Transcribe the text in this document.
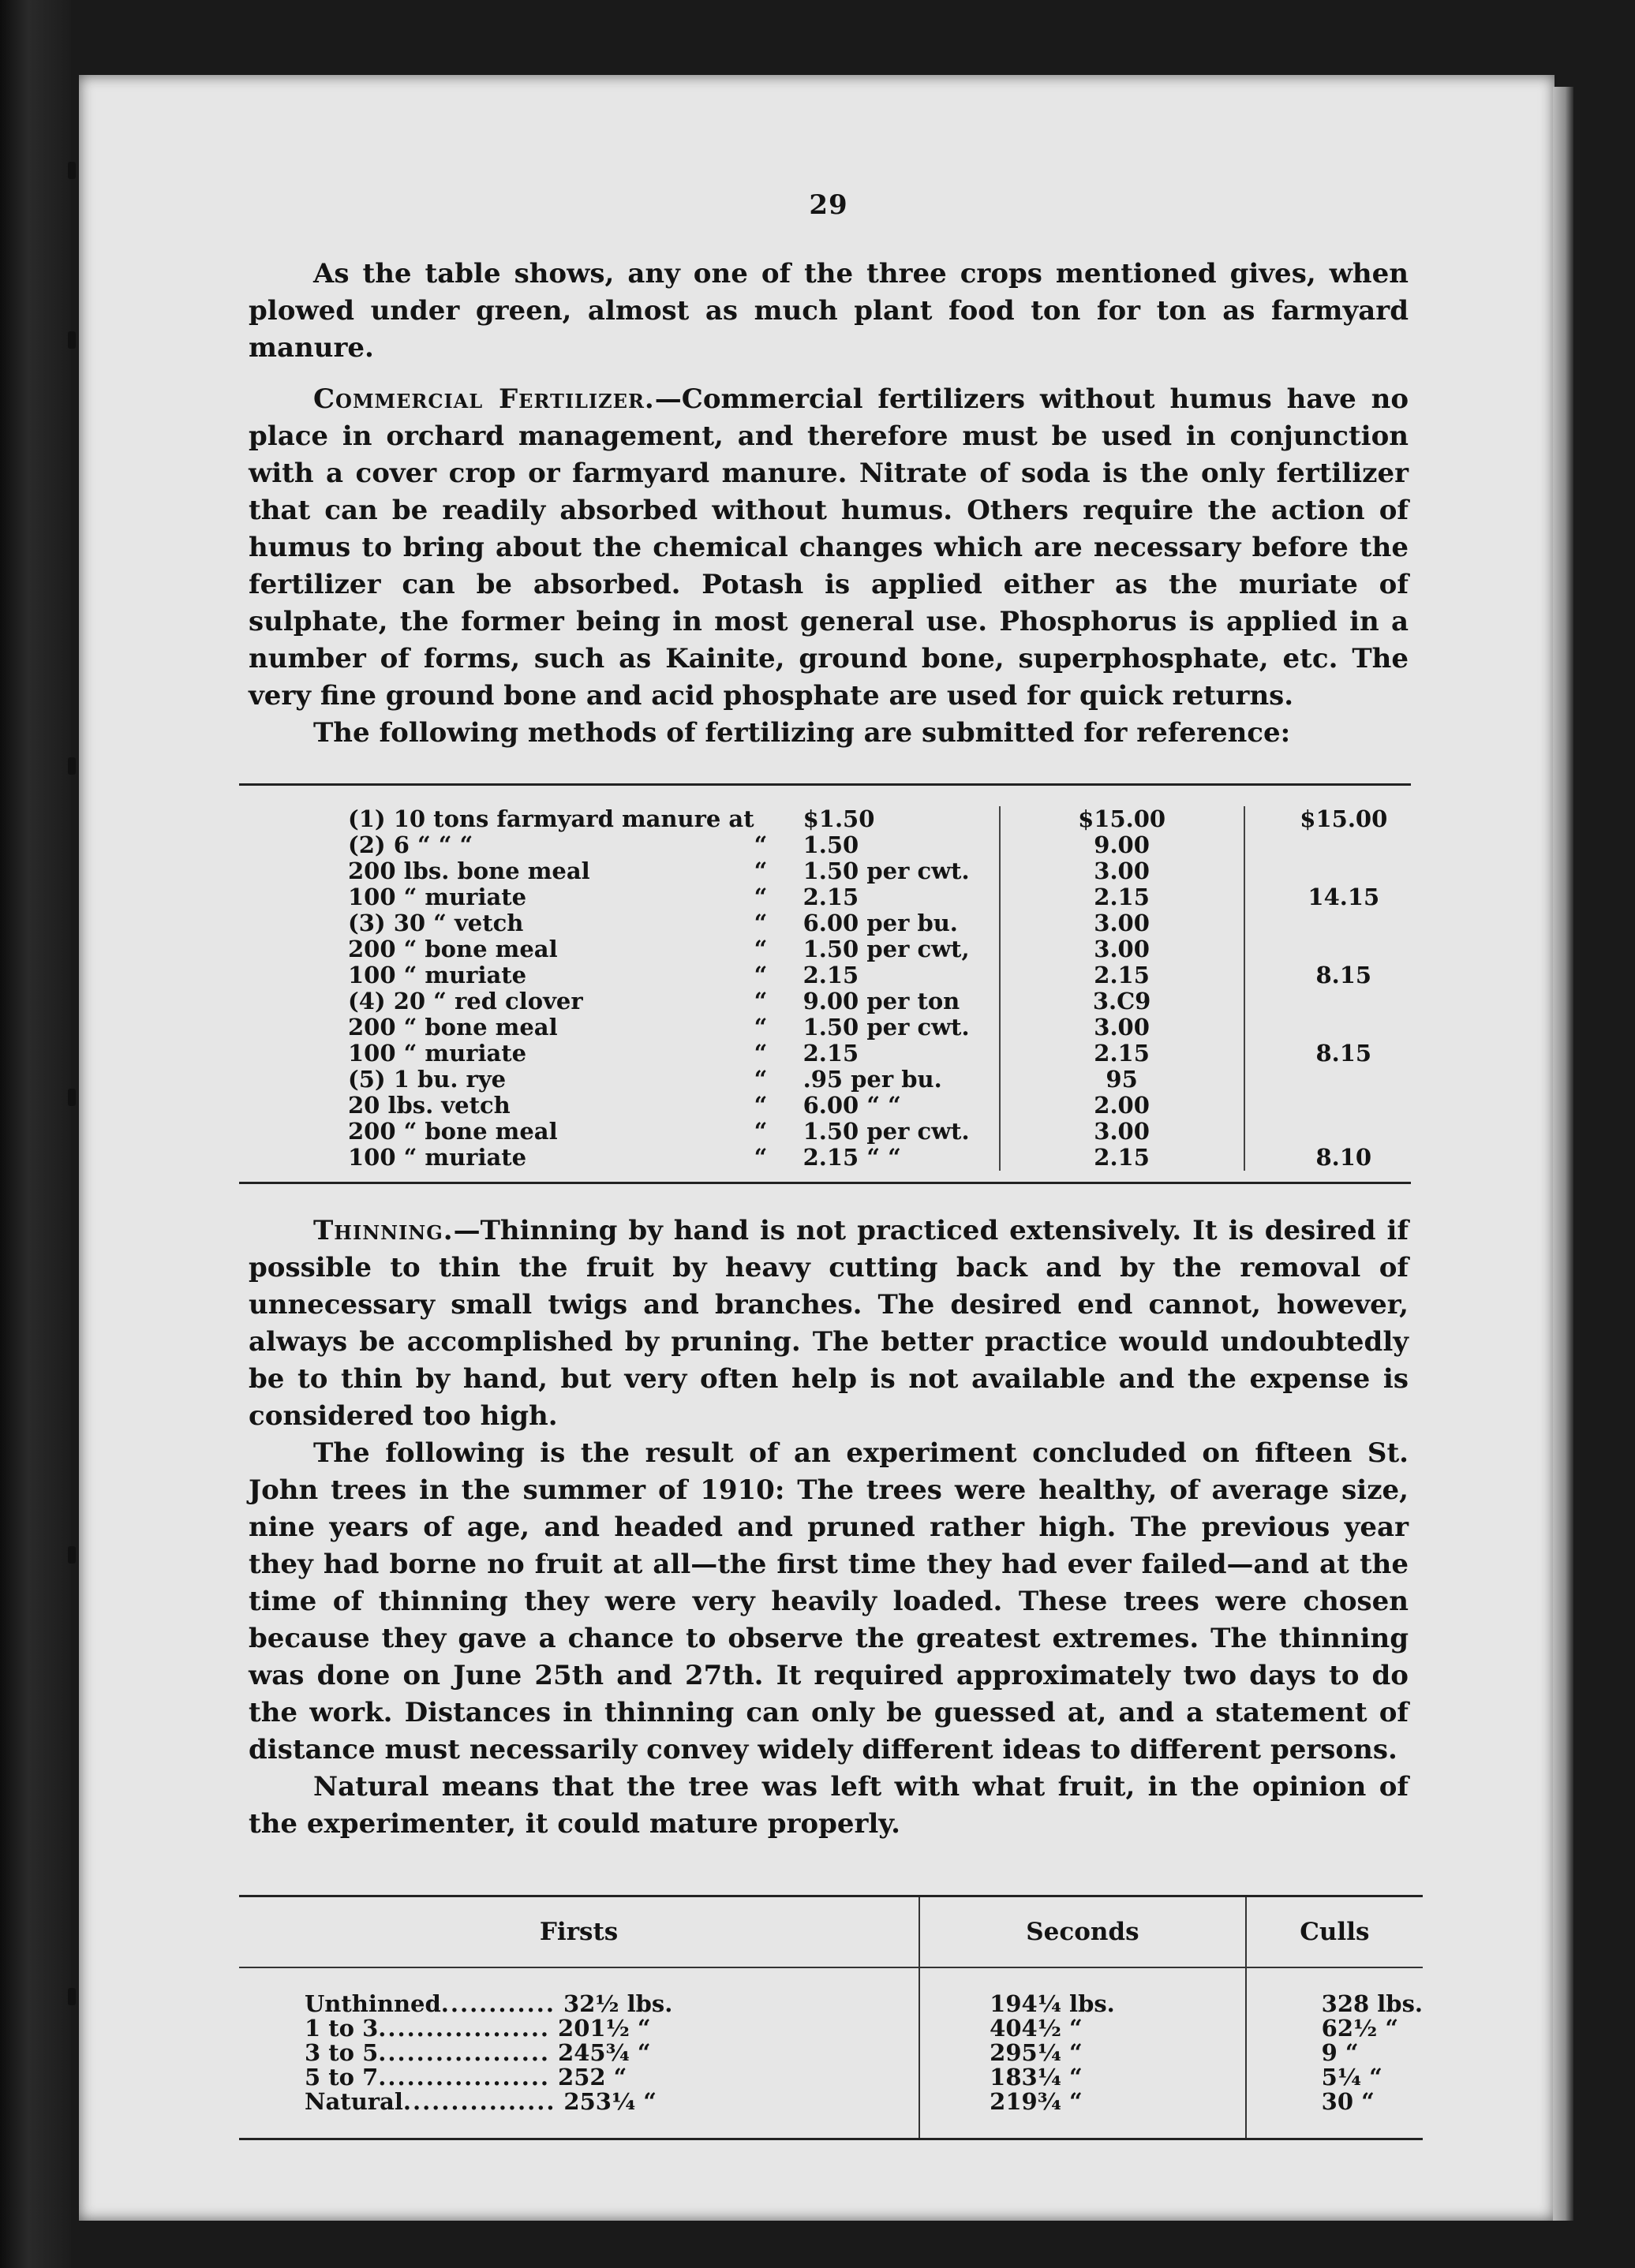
29

As the table shows, any one of the three crops mentioned gives, when plowed under green, almost as much plant food ton for ton as farmyard manure.

Commercial Fertilizer.—Commercial fertilizers without humus have no place in orchard management, and therefore must be used in conjunction with a cover crop or farmyard manure. Nitrate of soda is the only fertilizer that can be readily absorbed without humus. Others require the action of humus to bring about the chemical changes which are necessary before the fertilizer can be absorbed. Potash is applied either as the muriate of sulphate, the former being in most general use. Phosphorus is applied in a number of forms, such as Kainite, ground bone, superphosphate, etc. The very fine ground bone and acid phosphate are used for quick returns.

The following methods of fertilizing are submitted for reference:

(1) 10 tons farmyard manure at		$1.50	$15.00	$15.00
(2) 6 “ “ “	“	1.50	9.00	
200 lbs. bone meal	“	1.50 per cwt.	3.00	
100 “ muriate	“	2.15	2.15	14.15
(3) 30 “ vetch	“	6.00 per bu.	3.00	
200 “ bone meal	“	1.50 per cwt,	3.00	
100 “ muriate	“	2.15	2.15	8.15
(4) 20 “ red clover	“	9.00 per ton	3.C9	
200 “ bone meal	“	1.50 per cwt.	3.00	
100 “ muriate	“	2.15	2.15	8.15
(5) 1 bu. rye	“	.95 per bu.	95	
20 lbs. vetch	“	6.00 “ “	2.00	
200 “ bone meal	“	1.50 per cwt.	3.00	
100 “ muriate	“	2.15 “ “	2.15	8.10

Thinning.—Thinning by hand is not practiced extensively. It is desired if possible to thin the fruit by heavy cutting back and by the removal of unnecessary small twigs and branches. The desired end cannot, however, always be accomplished by pruning. The better practice would undoubtedly be to thin by hand, but very often help is not available and the expense is considered too high.

The following is the result of an experiment concluded on fifteen St. John trees in the summer of 1910: The trees were healthy, of average size, nine years of age, and headed and pruned rather high. The previous year they had borne no fruit at all—the first time they had ever failed—and at the time of thinning they were very heavily loaded. These trees were chosen because they gave a chance to observe the greatest extremes. The thinning was done on June 25th and 27th. It required approximately two days to do the work. Distances in thinning can only be guessed at, and a statement of distance must necessarily convey widely different ideas to different persons.

Natural means that the tree was left with what fruit, in the opinion of the experimenter, it could mature properly.

Firsts	Seconds	Culls
Unthinned............ 32½ lbs.	194¼ lbs.	328 lbs.
1 to 3.................. 201½ “	404½ “	62½ “
3 to 5.................. 245¾ “	295¼ “	9 “
5 to 7.................. 252 “	183¼ “	5¼ “
Natural................ 253¼ “	219¾ “	30 “
